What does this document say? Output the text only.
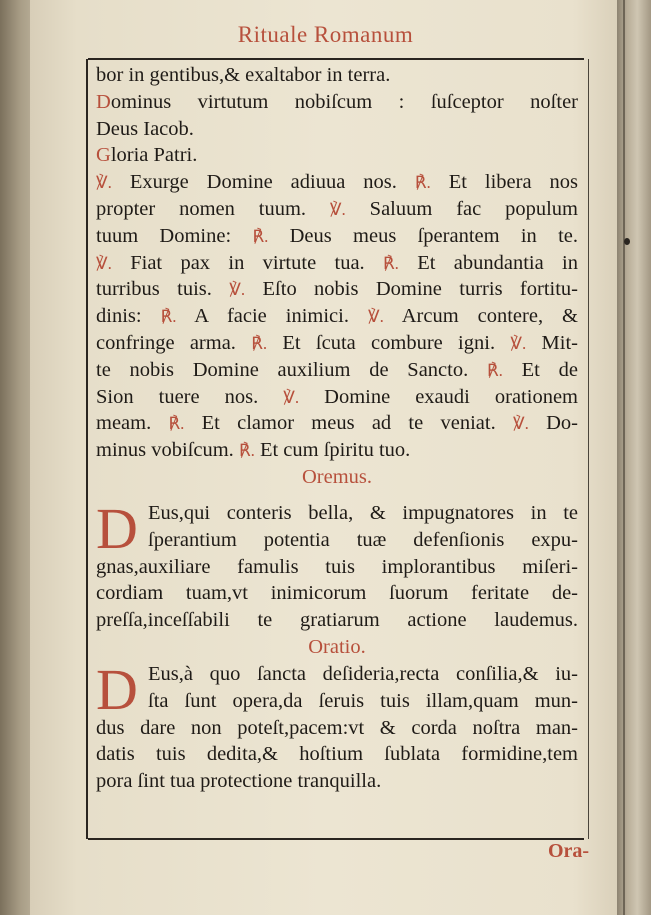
Rituale Romanum
bor in gentibus,& exaltabor in terra.
Dominus virtutum nobiſcum : ſuſceptor noſter
Deus Iacob.
Gloria Patri.
℣. Exurge Domine adiuua nos. ℟. Et libera nos
propter nomen tuum. ℣. Saluum fac populum
tuum Domine: ℟. Deus meus ſperantem in te.
℣. Fiat pax in virtute tua. ℟. Et abundantia in
turribus tuis. ℣. Eſto nobis Domine turris fortitu-
dinis: ℟. A facie inimici. ℣. Arcum contere, &
confringe arma. ℟. Et ſcuta combure igni. ℣. Mit-
te nobis Domine auxilium de Sancto. ℟. Et de
Sion tuere nos. ℣. Domine exaudi orationem
meam. ℟. Et clamor meus ad te veniat. ℣. Do-
minus vobiſcum. ℟. Et cum ſpiritu tuo.
Oremus.
D Eus,qui conteris bella, & impugnatores in te
ſperantium potentia tuæ defenſionis expu-
gnas,auxiliare famulis tuis implorantibus miſeri-
cordiam tuam,vt inimicorum ſuorum feritate de-
preſſa,inceſſabili te gratiarum actione laudemus.
Oratio.
D Eus,à quo ſancta deſideria,recta conſilia,& iu-
ſta ſunt opera,da ſeruis tuis illam,quam mun-
dus dare non poteſt,pacem:vt & corda noſtra man-
datis tuis dedita,& hoſtium ſublata formidine,tem
pora ſint tua protectione tranquilla.
Ora-
